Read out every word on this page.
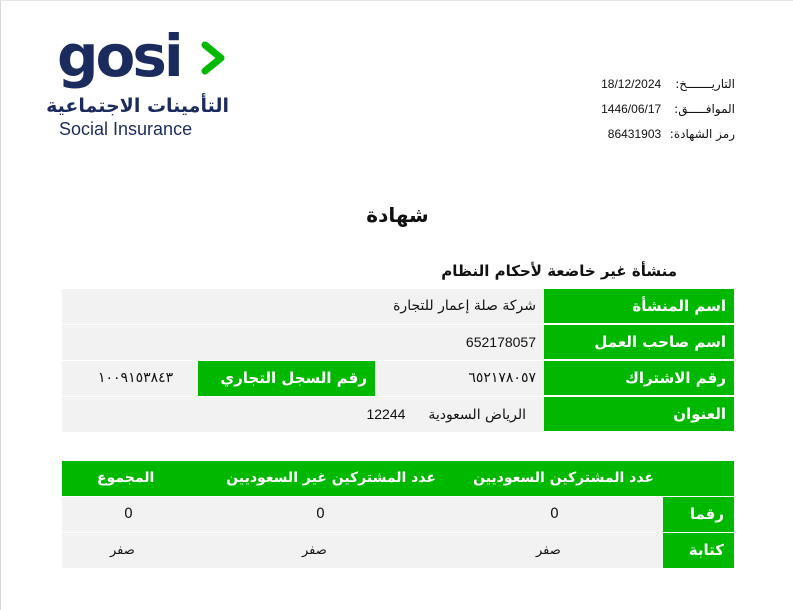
gosi
التأمينات الاجتماعية
Social Insurance
التاريـــــــخ: 18/12/2024
الموافـــــق: 1446/06/17
رمز الشهادة: 86431903
شهادة
منشأة غير خاضعة لأحكام النظام
اسم المنشأة
شركة صلة إعمار للتجارة
اسم صاحب العمل
652178057
رقم الاشتراك
٦٥٢١٧٨٠٥٧
رقم السجل التجاري
١٠٠٩١٥٣٨٤٣
العنوان
الرياض السعودية  12244
عدد المشتركين السعوديين
عدد المشتركين غير السعوديين
المجموع
رقما
0
0
0
كتابة
صفر
صفر
صفر
